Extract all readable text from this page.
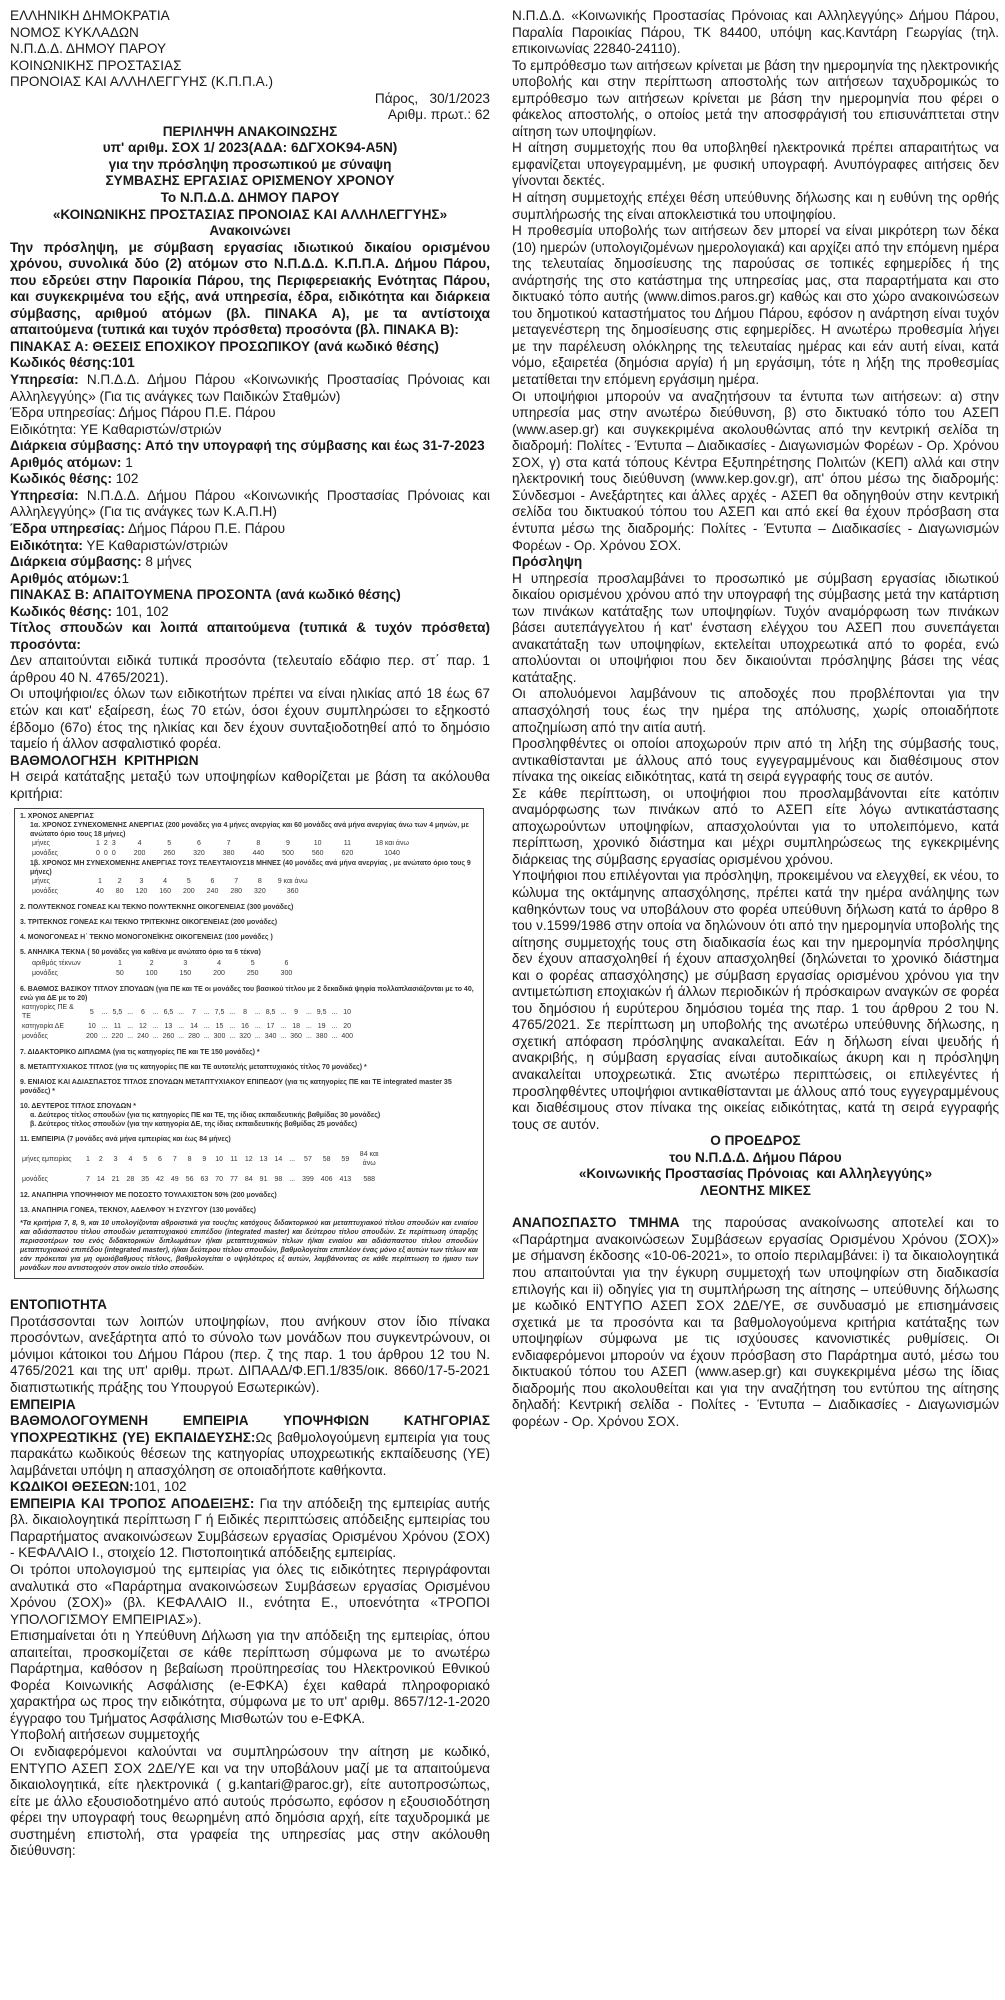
ΕΛΛΗΝΙΚΗ ΔΗΜΟΚΡΑΤΙΑ

ΝΟΜΟΣ ΚΥΚΛΑΔΩΝ

Ν.Π.Δ.Δ. ΔΗΜΟΥ ΠΑΡΟΥ

ΚΟΙΝΩΝΙΚΗΣ ΠΡΟΣΤΑΣΙΑΣ

ΠΡΟΝΟΙΑΣ ΚΑΙ ΑΛΛΗΛΕΓΓΥΗΣ (Κ.Π.Π.Α.)

Πάρος,   30/1/2023

Αριθμ. πρωτ.: 62

ΠΕΡΙΛΗΨΗ ΑΝΑΚΟΙΝΩΣΗΣ

υπ' αριθμ. ΣΟΧ 1/ 2023(ΑΔΑ: 6ΔΓΧΟΚ94-Α5Ν)

για την πρόσληψη προσωπικού με σύναψη

ΣΥΜΒΑΣΗΣ ΕΡΓΑΣΙΑΣ ΟΡΙΣΜΕΝΟΥ ΧΡΟΝΟΥ

Το Ν.Π.Δ.Δ. ΔΗΜΟΥ ΠΑΡΟΥ

«ΚΟΙΝΩΝΙΚΗΣ ΠΡΟΣΤΑΣΙΑΣ ΠΡΟΝΟΙΑΣ ΚΑΙ ΑΛΛΗΛΕΓΓΥΗΣ»

Ανακοινώνει

Την πρόσληψη, με σύμβαση εργασίας ιδιωτικού δικαίου ορισμένου χρόνου, συνολικά δύο (2) ατόμων στο Ν.Π.Δ.Δ. Κ.Π.Π.Α. Δήμου Πάρου, που εδρεύει στην Παροικία Πάρου, της Περιφερειακής Ενότητας Πάρου, και συγκεκριμένα του εξής, ανά υπηρεσία, έδρα, ειδικότητα και διάρκεια σύμβασης, αριθμού ατόμων (βλ. ΠΙΝΑΚΑ Α), με τα αντίστοιχα απαιτούμενα (τυπικά και τυχόν πρόσθετα) προσόντα (βλ. ΠΙΝΑΚΑ Β):

ΠΙΝΑΚΑΣ Α: ΘΕΣΕΙΣ ΕΠΟΧΙΚΟΥ ΠΡΟΣΩΠΙΚΟΥ (ανά κωδικό θέσης)

Κωδικός θέσης:101

Υπηρεσία: Ν.Π.Δ.Δ. Δήμου Πάρου «Κοινωνικής Προστασίας Πρόνοιας και Αλληλεγγύης» (Για τις ανάγκες των Παιδικών Σταθμών)

Έδρα υπηρεσίας: Δήμος Πάρου Π.Ε. Πάρου

Ειδικότητα: ΥΕ Καθαριστών/στριών

Διάρκεια σύμβασης: Από την υπογραφή της σύμβασης και έως 31-7-2023

Αριθμός ατόμων: 1

Κωδικός θέσης: 102

Υπηρεσία: Ν.Π.Δ.Δ. Δήμου Πάρου «Κοινωνικής Προστασίας Πρόνοιας και Αλληλεγγύης» (Για τις ανάγκες των Κ.Α.Π.Η)

Έδρα υπηρεσίας: Δήμος Πάρου Π.Ε. Πάρου

Ειδικότητα: ΥΕ Καθαριστών/στριών

Διάρκεια σύμβασης: 8 μήνες

Αριθμός ατόμων:1

ΠΙΝΑΚΑΣ Β: ΑΠΑΙΤΟΥΜΕΝΑ ΠΡΟΣΟΝΤΑ (ανά κωδικό θέσης)

Κωδικός θέσης: 101, 102

Τίτλος σπουδών και λοιπά απαιτούμενα (τυπικά & τυχόν πρόσθετα) προσόντα:

Δεν απαιτούνται ειδικά τυπικά προσόντα (τελευταίο εδάφιο περ. στ΄ παρ. 1 άρθρου 40 Ν. 4765/2021).

Οι υποψήφιοι/ες όλων των ειδικοτήτων πρέπει να είναι ηλικίας από 18 έως 67 ετών και κατ' εξαίρεση, έως 70 ετών, όσοι έχουν συμπληρώσει το εξηκοστό έβδομο (67ο) έτος της ηλικίας και δεν έχουν συνταξιοδοτηθεί από το δημόσιο ταμείο ή άλλον ασφαλιστικό φορέα.

ΒΑΘΜΟΛΟΓΗΣΗ  ΚΡΙΤΗΡΙΩΝ

Η σειρά κατάταξης μεταξύ των υποψηφίων καθορίζεται με βάση τα ακόλουθα κριτήρια:

1. ΧΡΟΝΟΣ ΑΝΕΡΓΙΑΣ
1α. ΧΡΟΝΟΣ ΣΥΝΕΧΟΜΕΝΗΣ ΑΝΕΡΓΙΑΣ (200 μονάδες για 4 μήνες ανεργίας και 60 μονάδες ανά μήνα ανεργίας άνω των 4 μηνών, με ανώτατο όριο τους 18 μήνες)
μήνες	1	2	3	4	5	6	7	8	9	10	11	18 και άνω
μονάδες	0	0	0	200	260	320	380	440	500	560	620	1040
1β. ΧΡΟΝΟΣ ΜΗ ΣΥΝΕΧΟΜΕΝΗΣ ΑΝΕΡΓΙΑΣ ΤΟΥΣ ΤΕΛΕΥΤΑΙΟΥΣ18 ΜΗΝΕΣ (40 μονάδες ανά μήνα ανεργίας , με ανώτατο όριο τους 9 μήνες)
μήνες	1	2	3	4	5	6	7	8	9 και άνω
μονάδες	40	80	120	160	200	240	280	320	360
2. ΠΟΛΥΤΕΚΝΟΣ ΓΟΝΕΑΣ ΚΑΙ ΤΕΚΝΟ ΠΟΛΥΤΕΚΝΗΣ ΟΙΚΟΓΕΝΕΙΑΣ (300 μονάδες)
3. ΤΡΙΤΕΚΝΟΣ ΓΟΝΕΑΣ ΚΑΙ ΤΕΚΝΟ ΤΡΙΤΕΚΝΗΣ ΟΙΚΟΓΕΝΕΙΑΣ (200 μονάδες)
4. ΜΟΝΟΓΟΝΕΑΣ Η΄ ΤΕΚΝΟ ΜΟΝΟΓΟΝΕΪΚΗΣ ΟΙΚΟΓΕΝΕΙΑΣ (100 μονάδες )
5. ΑΝΗΛΙΚΑ ΤΕΚΝΑ ( 50 μονάδες για καθένα με ανώτατο όριο τα 6 τέκνα)
αριθμός τέκνων	1	2	3	4	5	6
μονάδες	50	100	150	200	250	300
6. ΒΑΘΜΟΣ ΒΑΣΙΚΟΥ ΤΙΤΛΟΥ ΣΠΟΥΔΩΝ (για ΠΕ και ΤΕ οι μονάδες του βασικού τίτλου με 2 δεκαδικά ψηφία πολλαπλασιάζονται με το 40, ενώ για ΔΕ με το 20)
κατηγορίες ΠΕ & ΤΕ	5	...	5,5	...	6	...	6,5	...	7	...	7,5	...	8	...	8,5	...	9	...	9,5	...	10
κατηγορία ΔΕ	10	...	11	...	12	...	13	...	14	...	15	...	16	...	17	...	18	...	19	...	20
μονάδες	200	...	220	...	240	...	260	...	280	...	300	...	320	...	340	...	360	...	380	...	400
7. ΔΙΔΑΚΤΟΡΙΚΟ ΔΙΠΛΩΜΑ (για τις κατηγορίες ΠΕ και ΤΕ 150 μονάδες) *
8. ΜΕΤΑΠΤΥΧΙΑΚΟΣ ΤΙΤΛΟΣ (για τις κατηγορίες ΠΕ και ΤΕ αυτοτελής μεταπτυχιακός τίτλος 70 μονάδες) *
9. ΕΝΙΑΙΟΣ ΚΑΙ ΑΔΙΑΣΠΑΣΤΟΣ ΤΙΤΛΟΣ ΣΠΟΥΔΩΝ ΜΕΤΑΠΤΥΧΙΑΚΟΥ ΕΠΙΠΕΔΟΥ (για τις κατηγορίες ΠΕ και ΤΕ integrated master 35 μονάδες) *
10. ΔΕΥΤΕΡΟΣ ΤΙΤΛΟΣ ΣΠΟΥΔΩΝ *
α. Δεύτερος τίτλος σπουδών (για τις κατηγορίες ΠΕ και ΤΕ, της ίδιας εκπαιδευτικής βαθμίδας 30 μονάδες)
β. Δεύτερος τίτλος σπουδών (για την κατηγορία ΔΕ, της ίδιας εκπαιδευτικής βαθμίδας 25 μονάδες)
11. ΕΜΠΕΙΡΙΑ (7 μονάδες ανά μήνα εμπειρίας και έως 84 μήνες)
μήνες εμπειρίας	1	2	3	4	5	6	7	8	9	10	11	12	13	14	...	57	58	59	84 και άνω
μονάδες	7	14	21	28	35	42	49	56	63	70	77	84	91	98	...	399	406	413	588
12. ΑΝΑΠΗΡΙΑ ΥΠΟΨΗΦΙΟΥ ΜΕ ΠΟΣΟΣΤΟ ΤΟΥΛΑΧΙΣΤΟΝ 50% (200 μονάδες)
13. ΑΝΑΠΗΡΙΑ ΓΟΝΕΑ, ΤΕΚΝΟΥ, ΑΔΕΛΦΟΥ Ή ΣΥΖΥΓΟΥ (130 μονάδες)
*Τα κριτήρια 7, 8, 9, και 10 υπολογίζονται αθροιστικά για τους/τις κατόχους διδακτορικού και μεταπτυχιακού τίτλου σπουδών και ενιαίου και αδιάσπαστου τίτλου σπουδών μεταπτυχιακού επιπέδου (integrated master) και δεύτερου τίτλου σπουδών. Σε περίπτωση ύπαρξης περισσοτέρων του ενός διδακτορικών διπλωμάτων ή/και μεταπτυχιακών τίτλων ή/και ενιαίου και αδιάσπαστου τίτλου σπουδών μεταπτυχιακού επιπέδου (integrated master), ή/και δεύτερου τίτλου σπουδών, βαθμολογείται επιπλέον ένας μόνο εξ αυτών των τίτλων και εάν πρόκειται για μη ομοιόβαθμους τίτλους, βαθμολογείται ο υψηλότερος εξ αυτών, λαμβάνοντας σε κάθε περίπτωση το ήμισυ των μονάδων που αντιστοιχούν στον οικείο τίτλο σπουδών.

ΕΝΤΟΠΙΟΤΗΤΑ

Προτάσσονται των λοιπών υποψηφίων, που ανήκουν στον ίδιο πίνακα προσόντων, ανεξάρτητα από το σύνολο των μονάδων που συγκεντρώνουν, οι μόνιμοι κάτοικοι του Δήμου Πάρου (περ. ζ της παρ. 1 του άρθρου 12 του Ν. 4765/2021 και της υπ' αριθμ. πρωτ. ΔΙΠΑΑΔ/Φ.ΕΠ.1/835/οικ. 8660/17-5-2021 διαπιστωτικής πράξης του Υπουργού Εσωτερικών).

ΕΜΠΕΙΡΙΑ

ΒΑΘΜΟΛΟΓΟΥΜΕΝΗ ΕΜΠΕΙΡΙΑ ΥΠΟΨΗΦΙΩΝ ΚΑΤΗΓΟΡΙΑΣ ΥΠΟΧΡΕΩΤΙΚΗΣ (ΥΕ) ΕΚΠΑΙΔΕΥΣΗΣ:Ως βαθμολογούμενη εμπειρία για τους παρακάτω κωδικούς θέσεων της κατηγορίας υποχρεωτικής εκπαίδευσης (ΥΕ) λαμβάνεται υπόψη η απασχόληση σε οποιαδήποτε καθήκοντα.

ΚΩΔΙΚΟΙ ΘΕΣΕΩΝ:101, 102

ΕΜΠΕΙΡΙΑ ΚΑΙ ΤΡΟΠΟΣ ΑΠΟΔΕΙΞΗΣ: Για την απόδειξη της εμπειρίας αυτής βλ. δικαιολογητικά περίπτωση Γ ή Ειδικές περιπτώσεις απόδειξης εμπειρίας του Παραρτήματος ανακοινώσεων Συμβάσεων εργασίας Ορισμένου Χρόνου (ΣΟΧ) - ΚΕΦΑΛΑΙΟ Ι., στοιχείο 12. Πιστοποιητικά απόδειξης εμπειρίας.

Οι τρόποι υπολογισμού της εμπειρίας για όλες τις ειδικότητες περιγράφονται αναλυτικά στο «Παράρτημα ανακοινώσεων Συμβάσεων εργασίας Ορισμένου Χρόνου (ΣΟΧ)» (βλ. ΚΕΦΑΛΑΙΟ ΙΙ., ενότητα Ε., υποενότητα «ΤΡΟΠΟΙ ΥΠΟΛΟΓΙΣΜΟΥ ΕΜΠΕΙΡΙΑΣ»).

Επισημαίνεται ότι η Υπεύθυνη Δήλωση για την απόδειξη της εμπειρίας, όπου απαιτείται, προσκομίζεται σε κάθε περίπτωση σύμφωνα με το ανωτέρω Παράρτημα, καθόσον η βεβαίωση προϋπηρεσίας του Ηλεκτρονικού Εθνικού Φορέα Κοινωνικής Ασφάλισης (e-ΕΦΚΑ) έχει καθαρά πληροφοριακό χαρακτήρα ως προς την ειδικότητα, σύμφωνα με το υπ' αριθμ. 8657/12-1-2020 έγγραφο του Τμήματος Ασφάλισης Μισθωτών του e-ΕΦΚΑ.

Υποβολή αιτήσεων συμμετοχής

Οι ενδιαφερόμενοι καλούνται να συμπληρώσουν την αίτηση με κωδικό, ΕΝΤΥΠΟ ΑΣΕΠ ΣΟΧ 2ΔΕ/ΥΕ και να την υποβάλουν μαζί με τα απαιτούμενα δικαιολογητικά, είτε ηλεκτρονικά ( g.kantari@paroc.gr), είτε αυτοπροσώπως, είτε με άλλο εξουσιοδοτημένο από αυτούς πρόσωπο, εφόσον η εξουσιοδότηση φέρει την υπογραφή τους θεωρημένη από δημόσια αρχή, είτε ταχυδρομικά με συστημένη επιστολή, στα γραφεία της υπηρεσίας μας στην ακόλουθη διεύθυνση:

Ν.Π.Δ.Δ. «Κοινωνικής Προστασίας Πρόνοιας και Αλληλεγγύης» Δήμου Πάρου, Παραλία Παροικίας Πάρου, ΤΚ 84400, υπόψη κας.Καντάρη Γεωργίας (τηλ. επικοινωνίας 22840-24110).

Το εμπρόθεσμο των αιτήσεων κρίνεται με βάση την ημερομηνία της ηλεκτρονικής υποβολής και στην περίπτωση αποστολής των αιτήσεων ταχυδρομικώς το εμπρόθεσμο των αιτήσεων κρίνεται με βάση την ημερομηνία που φέρει ο φάκελος αποστολής, ο οποίος μετά την αποσφράγισή του επισυνάπτεται στην αίτηση των υποψηφίων.

Η αίτηση συμμετοχής που θα υποβληθεί ηλεκτρονικά πρέπει απαραιτήτως να εμφανίζεται υπογεγραμμένη, με φυσική υπογραφή. Ανυπόγραφες αιτήσεις δεν γίνονται δεκτές.

Η αίτηση συμμετοχής επέχει θέση υπεύθυνης δήλωσης και η ευθύνη της ορθής συμπλήρωσής της είναι αποκλειστικά του υποψηφίου.

Η προθεσμία υποβολής των αιτήσεων δεν μπορεί να είναι μικρότερη των δέκα (10) ημερών (υπολογιζομένων ημερολογιακά) και αρχίζει από την επόμενη ημέρα της τελευταίας δημοσίευσης της παρούσας σε τοπικές εφημερίδες ή της ανάρτησής της στο κατάστημα της υπηρεσίας μας, στα παραρτήματα και στο δικτυακό τόπο αυτής (www.dimos.paros.gr) καθώς και στο χώρο ανακοινώσεων του δημοτικού καταστήματος του Δήμου Πάρου, εφόσον η ανάρτηση είναι τυχόν μεταγενέστερη της δημοσίευσης στις εφημερίδες. Η ανωτέρω προθεσμία λήγει με την παρέλευση ολόκληρης της τελευταίας ημέρας και εάν αυτή είναι, κατά νόμο, εξαιρετέα (δημόσια αργία) ή μη εργάσιμη, τότε η λήξη της προθεσμίας μετατίθεται την επόμενη εργάσιμη ημέρα.

Οι υποψήφιοι μπορούν να αναζητήσουν τα έντυπα των αιτήσεων: α) στην υπηρεσία μας στην ανωτέρω διεύθυνση, β) στο δικτυακό τόπο του ΑΣΕΠ (www.asep.gr) και συγκεκριμένα ακολουθώντας από την κεντρική σελίδα τη διαδρομή: Πολίτες - Έντυπα – Διαδικασίες - Διαγωνισμών Φορέων - Ορ. Χρόνου ΣΟΧ, γ) στα κατά τόπους Κέντρα Εξυπηρέτησης Πολιτών (ΚΕΠ) αλλά και στην ηλεκτρονική τους διεύθυνση (www.kep.gov.gr), απ' όπου μέσω της διαδρομής: Σύνδεσμοι - Ανεξάρτητες και άλλες αρχές - ΑΣΕΠ θα οδηγηθούν στην κεντρική σελίδα του δικτυακού τόπου του ΑΣΕΠ και από εκεί θα έχουν πρόσβαση στα έντυπα μέσω της διαδρομής: Πολίτες - Έντυπα – Διαδικασίες - Διαγωνισμών Φορέων - Ορ. Χρόνου ΣΟΧ.

Πρόσληψη

Η υπηρεσία προσλαμβάνει το προσωπικό με σύμβαση εργασίας ιδιωτικού δικαίου ορισμένου χρόνου από την υπογραφή της σύμβασης μετά την κατάρτιση των πινάκων κατάταξης των υποψηφίων. Τυχόν αναμόρφωση των πινάκων βάσει αυτεπάγγελτου ή κατ' ένσταση ελέγχου του ΑΣΕΠ που συνεπάγεται ανακατάταξη των υποψηφίων, εκτελείται υποχρεωτικά από το φορέα, ενώ απολύονται οι υποψήφιοι που δεν δικαιούνται πρόσληψης βάσει της νέας κατάταξης.

Οι απολυόμενοι λαμβάνουν τις αποδοχές που προβλέπονται για την απασχόλησή τους έως την ημέρα της απόλυσης, χωρίς οποιαδήποτε αποζημίωση από την αιτία αυτή.

Προσληφθέντες οι οποίοι αποχωρούν πριν από τη λήξη της σύμβασής τους, αντικαθίστανται με άλλους από τους εγγεγραμμένους και διαθέσιμους στον πίνακα της οικείας ειδικότητας, κατά τη σειρά εγγραφής τους σε αυτόν.

Σε κάθε περίπτωση, οι υποψήφιοι που προσλαμβάνονται είτε κατόπιν αναμόρφωσης των πινάκων από το ΑΣΕΠ είτε λόγω αντικατάστασης αποχωρούντων υποψηφίων, απασχολούνται για το υπολειπόμενο, κατά περίπτωση, χρονικό διάστημα και μέχρι συμπληρώσεως της εγκεκριμένης διάρκειας της σύμβασης εργασίας ορισμένου χρόνου.

Υποψήφιοι που επιλέγονται για πρόσληψη, προκειμένου να ελεγχθεί, εκ νέου, το κώλυμα της οκτάμηνης απασχόλησης, πρέπει κατά την ημέρα ανάληψης των καθηκόντων τους να υποβάλουν στο φορέα υπεύθυνη δήλωση κατά το άρθρο 8 του ν.1599/1986 στην οποία να δηλώνουν ότι από την ημερομηνία υποβολής της αίτησης συμμετοχής τους στη διαδικασία έως και την ημερομηνία πρόσληψης δεν έχουν απασχοληθεί ή έχουν απασχοληθεί (δηλώνεται το χρονικό διάστημα και ο φορέας απασχόλησης) με σύμβαση εργασίας ορισμένου χρόνου για την αντιμετώπιση εποχιακών ή άλλων περιοδικών ή πρόσκαιρων αναγκών σε φορέα του δημόσιου ή ευρύτερου δημόσιου τομέα της παρ. 1 του άρθρου 2 του Ν. 4765/2021. Σε περίπτωση μη υποβολής της ανωτέρω υπεύθυνης δήλωσης, η σχετική απόφαση πρόσληψης ανακαλείται. Εάν η δήλωση είναι ψευδής ή ανακριβής, η σύμβαση εργασίας είναι αυτοδικαίως άκυρη και η πρόσληψη ανακαλείται υποχρεωτικά. Στις ανωτέρω περιπτώσεις, οι επιλεγέντες ή προσληφθέντες υποψήφιοι αντικαθίστανται με άλλους από τους εγγεγραμμένους και διαθέσιμους στον πίνακα της οικείας ειδικότητας, κατά τη σειρά εγγραφής τους σε αυτόν.

Ο ΠΡΟΕΔΡΟΣ

του Ν.Π.Δ.Δ. Δήμου Πάρου

«Κοινωνικής Προστασίας Πρόνοιας  και Αλληλεγγύης»

ΛΕΟΝΤΗΣ ΜΙΚΕΣ

ΑΝΑΠΟΣΠΑΣΤΟ ΤΜΗΜΑ της παρούσας ανακοίνωσης αποτελεί και το «Παράρτημα ανακοινώσεων Συμβάσεων εργασίας Ορισμένου Χρόνου (ΣΟΧ)» με σήμανση έκδοσης «10-06-2021», το οποίο περιλαμβάνει: i) τα δικαιολογητικά που απαιτούνται για την έγκυρη συμμετοχή των υποψηφίων στη διαδικασία επιλογής και ii) οδηγίες για τη συμπλήρωση της αίτησης – υπεύθυνης δήλωσης με κωδικό ΕΝΤΥΠΟ ΑΣΕΠ ΣΟΧ 2ΔΕ/ΥΕ, σε συνδυασμό με επισημάνσεις σχετικά με τα προσόντα και τα βαθμολογούμενα κριτήρια κατάταξης των υποψηφίων σύμφωνα με τις ισχύουσες κανονιστικές ρυθμίσεις. Οι ενδιαφερόμενοι μπορούν να έχουν πρόσβαση στο Παράρτημα αυτό, μέσω του δικτυακού τόπου του ΑΣΕΠ (www.asep.gr) και συγκεκριμένα μέσω της ίδιας διαδρομής που ακολουθείται και για την αναζήτηση του εντύπου της αίτησης δηλαδή: Κεντρική σελίδα - Πολίτες - Έντυπα – Διαδικασίες - Διαγωνισμών φορέων - Ορ. Χρόνου ΣΟΧ.
